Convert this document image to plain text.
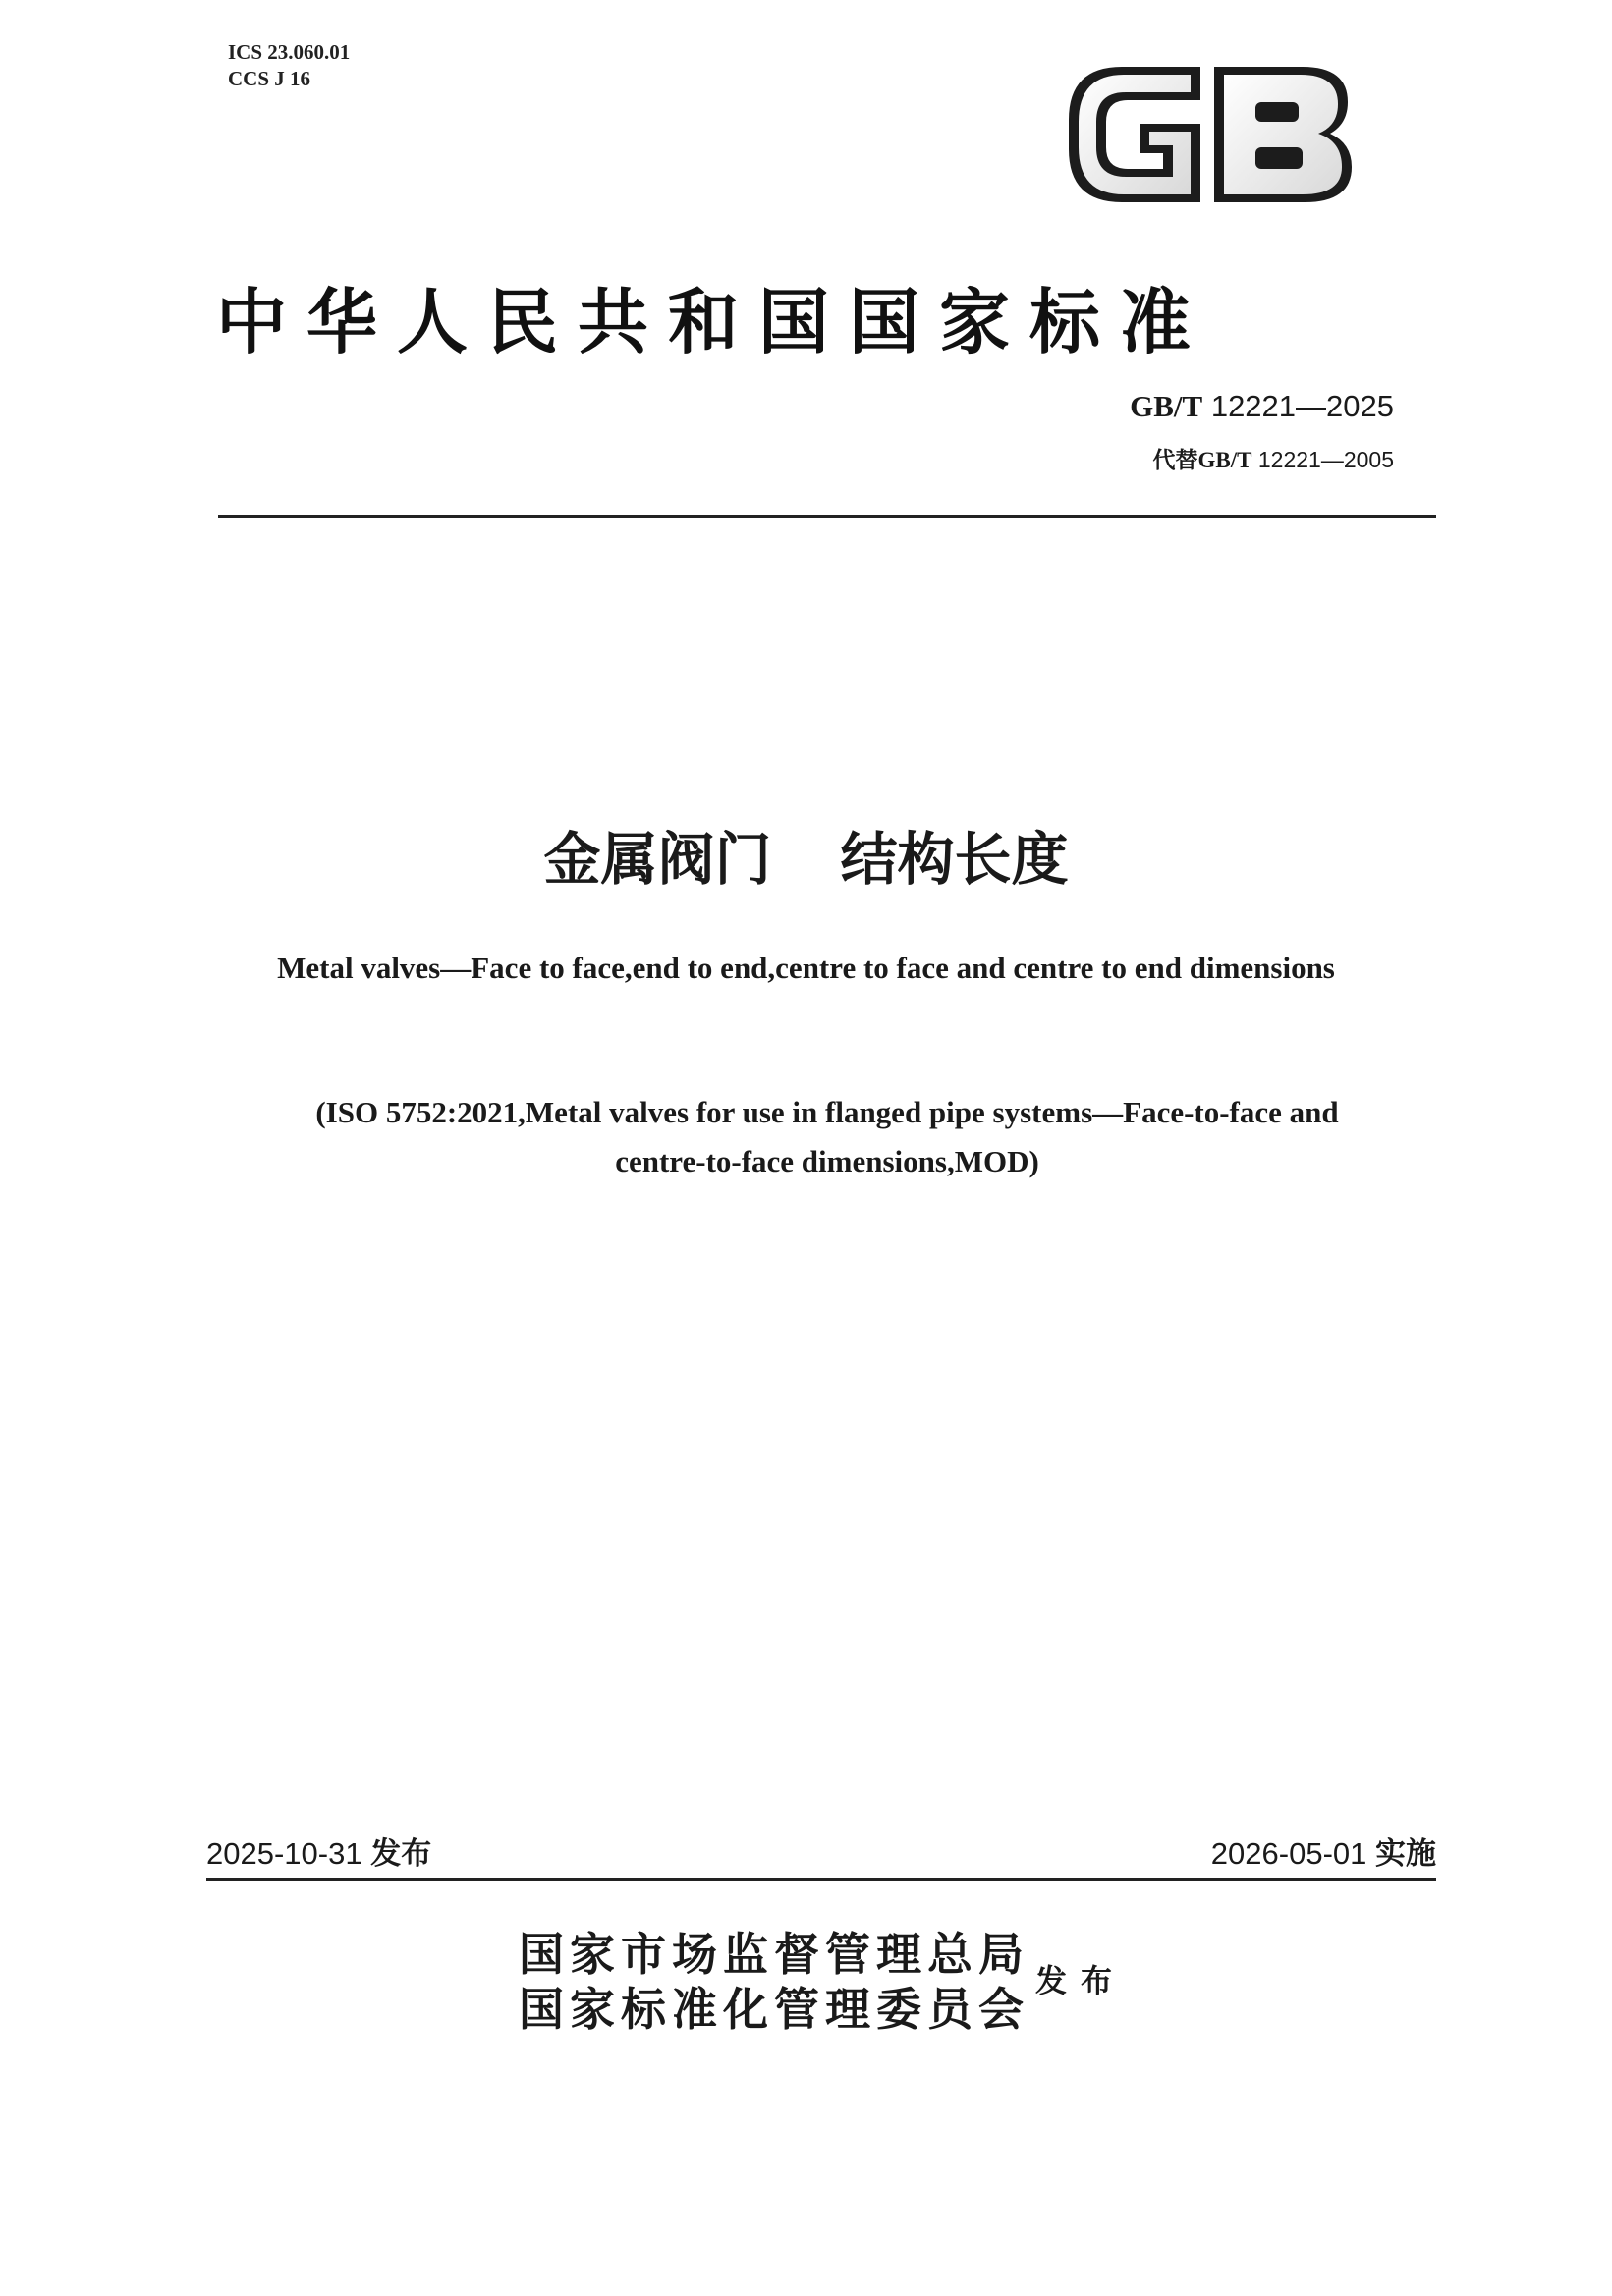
ICS 23.060.01
CCS J 16
中华人民共和国国家标准
GB/T 12221—2025
代替GB/T 12221—2005
金属阀门 结构长度
Metal valves—Face to face,end to end,centre to face and centre to end dimensions
(ISO 5752:2021,Metal valves for use in flanged pipe systems—Face-to-face and
centre-to-face dimensions,MOD)
2025-10-31 发布	2026-05-01 实施
国家市场监督管理总局
国家标准化管理委员会
发布
